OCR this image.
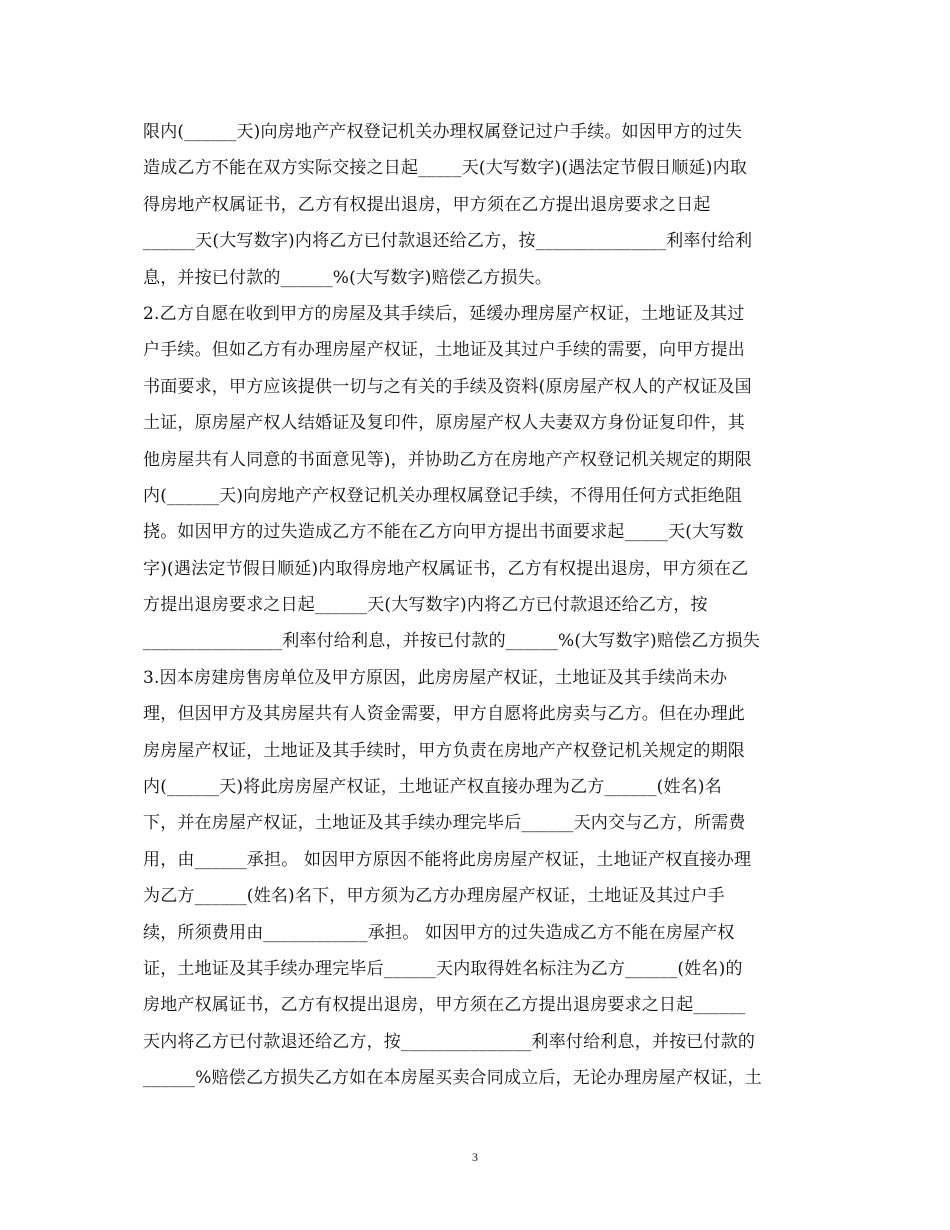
限内(______天)向房地产产权登记机关办理权属登记过户手续。如因甲方的过失
造成乙方不能在双方实际交接之日起_____天(大写数字)(遇法定节假日顺延)内取
得房地产权属证书，乙方有权提出退房，甲方须在乙方提出退房要求之日起
______天(大写数字)内将乙方已付款退还给乙方，按_______________利率付给利
息，并按已付款的______%(大写数字)赔偿乙方损失。
2.乙方自愿在收到甲方的房屋及其手续后，延缓办理房屋产权证，土地证及其过
户手续。但如乙方有办理房屋产权证，土地证及其过户手续的需要，向甲方提出
书面要求，甲方应该提供一切与之有关的手续及资料(原房屋产权人的产权证及国
土证，原房屋产权人结婚证及复印件，原房屋产权人夫妻双方身份证复印件，其
他房屋共有人同意的书面意见等)，并协助乙方在房地产产权登记机关规定的期限
内(______天)向房地产产权登记机关办理权属登记手续，不得用任何方式拒绝阻
挠。如因甲方的过失造成乙方不能在乙方向甲方提出书面要求起_____天(大写数
字)(遇法定节假日顺延)内取得房地产权属证书，乙方有权提出退房，甲方须在乙
方提出退房要求之日起______天(大写数字)内将乙方已付款退还给乙方，按
________________利率付给利息，并按已付款的______%(大写数字)赔偿乙方损失
3.因本房建房售房单位及甲方原因，此房房屋产权证，土地证及其手续尚未办
理，但因甲方及其房屋共有人资金需要，甲方自愿将此房卖与乙方。但在办理此
房房屋产权证，土地证及其手续时，甲方负责在房地产产权登记机关规定的期限
内(______天)将此房房屋产权证，土地证产权直接办理为乙方______(姓名)名
下，并在房屋产权证，土地证及其手续办理完毕后______天内交与乙方，所需费
用，由______承担。 如因甲方原因不能将此房房屋产权证，土地证产权直接办理
为乙方______(姓名)名下，甲方须为乙方办理房屋产权证，土地证及其过户手
续，所须费用由____________承担。 如因甲方的过失造成乙方不能在房屋产权
证，土地证及其手续办理完毕后______天内取得姓名标注为乙方______(姓名)的
房地产权属证书，乙方有权提出退房，甲方须在乙方提出退房要求之日起______
天内将乙方已付款退还给乙方，按_______________利率付给利息，并按已付款的
______%赔偿乙方损失乙方如在本房屋买卖合同成立后，无论办理房屋产权证，土
3
